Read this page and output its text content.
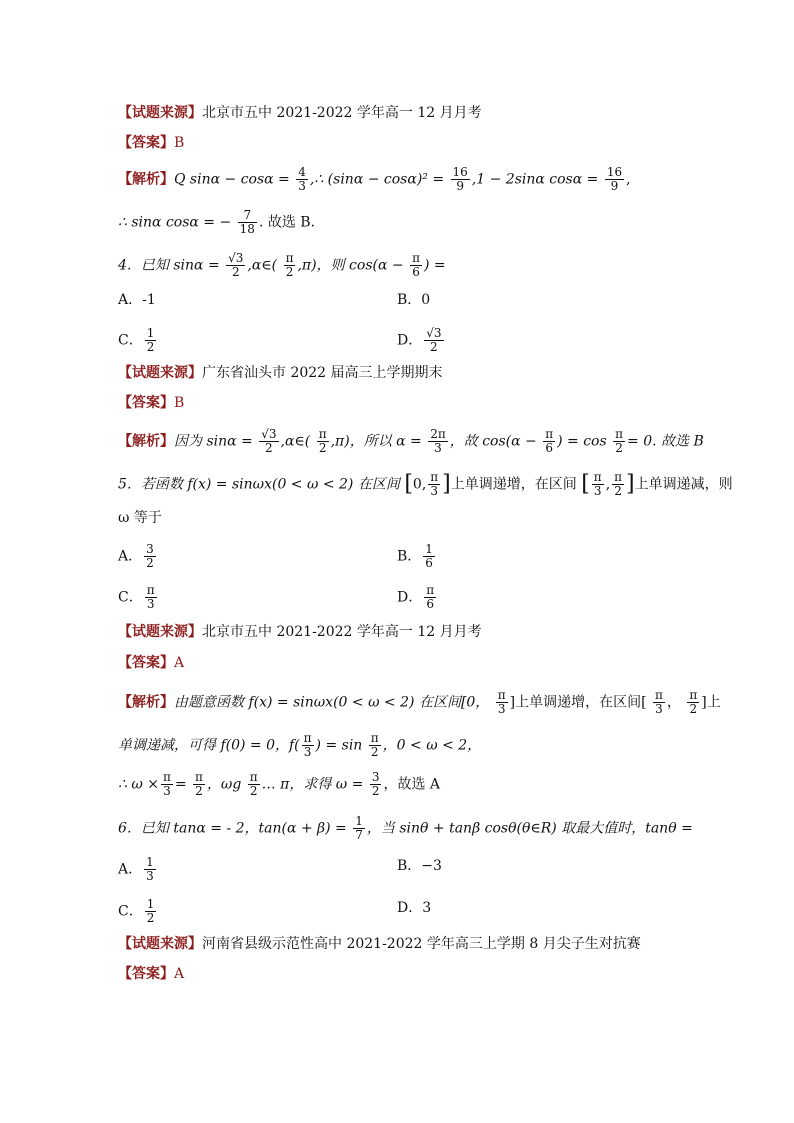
【试题来源】北京市五中 2021-2022 学年高一 12 月月考
【答案】B
【解析】Q $\sin\alpha - \cos\alpha = \frac{4}{3}$ ,∴ $(\sin\alpha - \cos\alpha)^2 = \frac{16}{9} ,1 - 2\sin\alpha$ $\cos\alpha = \frac{16}{9}$ ,
∴ sinα cosα = − $\frac{7}{18}$ . 故选 B．
4．已知 $\sin\alpha = \frac{√3}{2}$ ,α∈( $\frac{\pi}{2} ,\pi$)，则 $\cos(\alpha - \frac{\pi}{6}$ ) =
A．-1	B．0
C． $\frac{1}{2}$	D． $\frac{√3}{2}$
【试题来源】广东省汕头市 2022 届高三上学期期末
【答案】B
【解析】因为 $\sin\alpha = \frac{√3}{2}$ ,α∈( $\frac{\pi}{2} ,\pi$)，所以 $\alpha = \frac{2\pi}{3}$ ，故 $\cos(\alpha - \frac{\pi}{6}$ ) = $\cos \frac{\pi}{2} = 0$. 故选 B
5．若函数 f(x) = sinωx(0 < ω < 2) 在区间 [0, $\frac{\pi}{3}$ ]上单调递增，在区间 [ $\frac{\pi}{3}$ , $\frac{\pi}{2}$ ]上单调递减，则
ω 等于
A． $\frac{3}{2}$	B． $\frac{1}{6}$
C． $\frac{\pi}{3}$	D． $\frac{\pi}{6}$
【试题来源】北京市五中 2021-2022 学年高一 12 月月考
【答案】A
【解析】由题意函数 f(x) = sinωx(0 < ω < 2) 在区间[0， $\frac{\pi}{3}$ ]上单调递增，在区间[ $\frac{\pi}{3}$ ， $\frac{\pi}{2}$ ]上
单调递减，可得 f(0) = 0，$f( \frac{\pi}{3}$ ) = $\sin \frac{\pi}{2}$ ，0 < ω < 2，
∴ $\omega \times \frac{\pi}{3} = \frac{\pi}{2}$ ，ωg $\frac{\pi}{2}$ … π，求得 $\omega = \frac{3}{2}$ ，故选 A
6．已知 tanα = - 2，$\tan(\alpha + \beta) = \frac{1}{7}$ ，当 sinθ + tanβ cosθ(θ∈R) 取最大值时，tanθ =
A． $\frac{1}{3}$	B．−3
C． $\frac{1}{2}$	D．3
【试题来源】河南省县级示范性高中 2021-2022 学年高三上学期 8 月尖子生对抗赛
【答案】A
